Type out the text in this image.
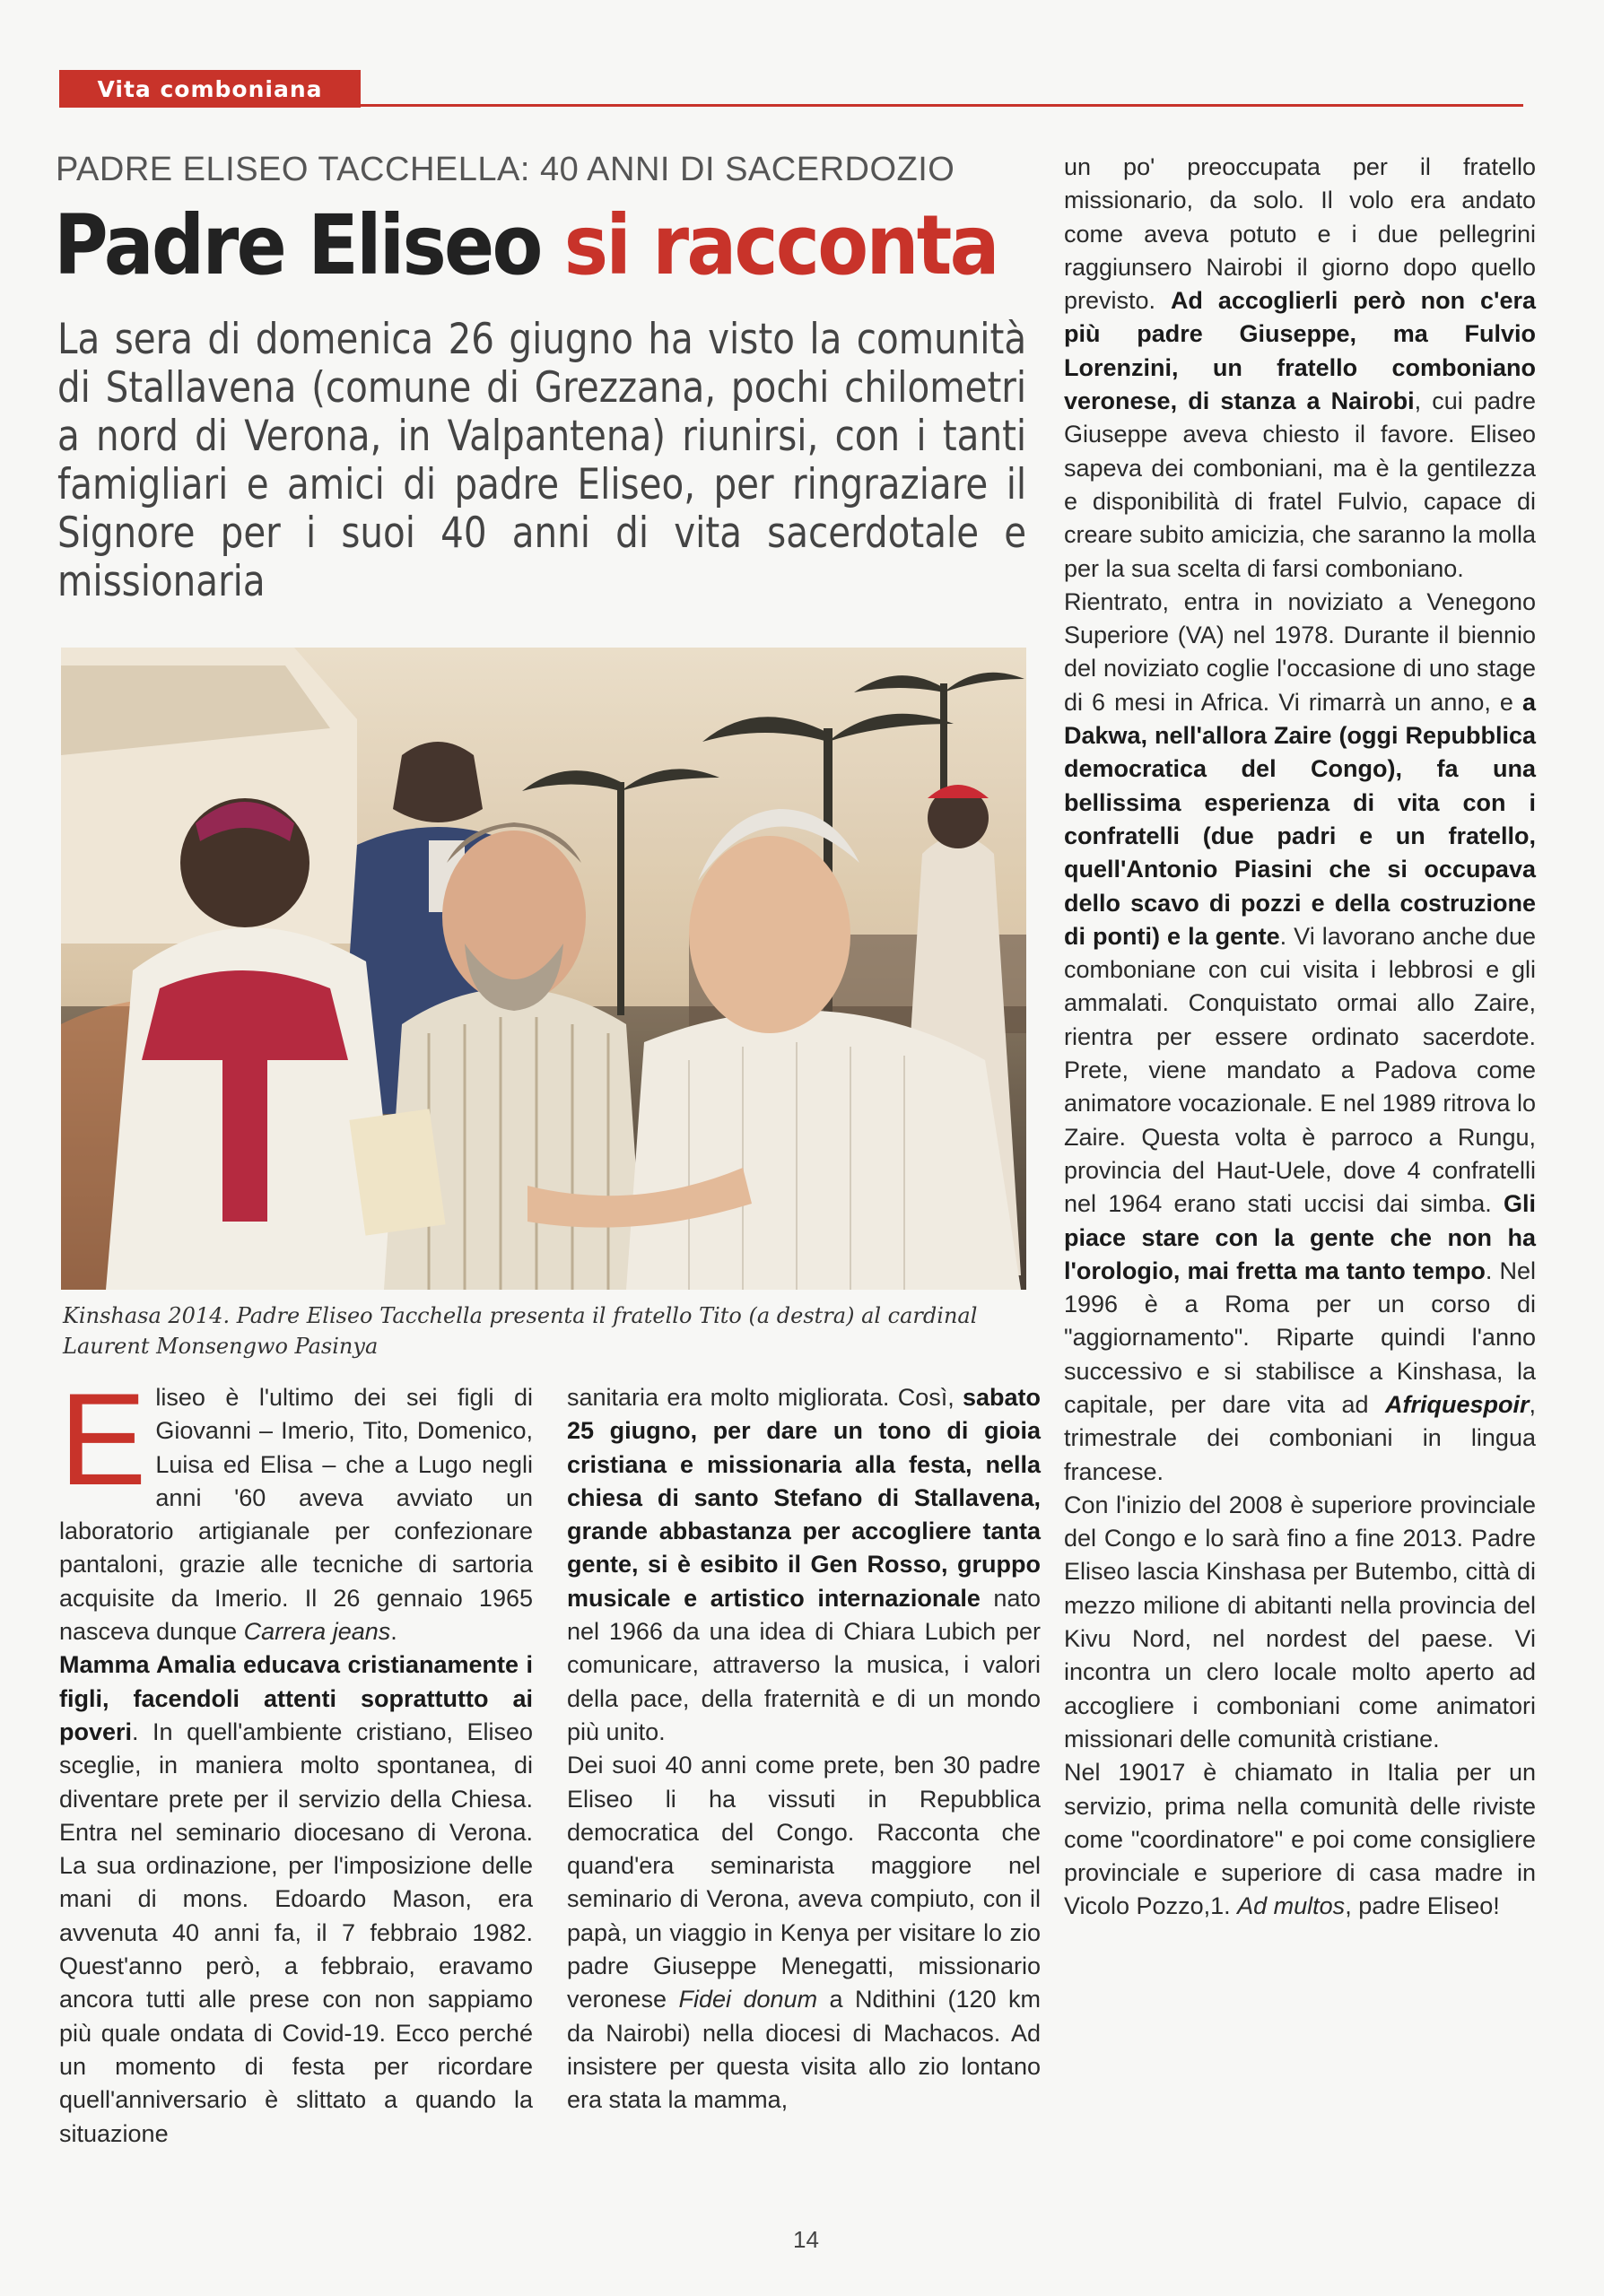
Vita comboniana
PADRE ELISEO TACCHELLA: 40 ANNI DI SACERDOZIO
Padre Eliseo si racconta
La sera di domenica 26 giugno ha visto la comunità di Stallavena (comune di Grezzana, pochi chilometri a nord di Verona, in Valpantena) riunirsi, con i tanti famigliari e amici di padre Eliseo, per ringraziare il Signore per i suoi 40 anni di vita sacerdotale e missionaria
Kinshasa 2014. Padre Eliseo Tacchella presenta il fratello Tito (a destra) al cardinal Laurent Monsengwo Pasinya

Eliseo è l'ultimo dei sei figli di Giovanni – Imerio, Tito, Domenico, Luisa ed Elisa – che a Lugo negli anni '60 aveva avviato un laboratorio artigianale per confezionare pantaloni, grazie alle tecniche di sartoria acquisite da Imerio. Il 26 gennaio 1965 nasceva dunque Carrera jeans.

Mamma Amalia educava cristianamente i figli, facendoli attenti soprattutto ai poveri. In quell'ambiente cristiano, Eliseo sceglie, in maniera molto spontanea, di diventare prete per il servizio della Chiesa. Entra nel seminario diocesano di Verona. La sua ordinazione, per l'imposizione delle mani di mons. Edoardo Mason, era avvenuta 40 anni fa, il 7 febbraio 1982. Quest'anno però, a febbraio, eravamo ancora tutti alle prese con non sappiamo più quale ondata di Covid-19. Ecco perché un momento di festa per ricordare quell'anniversario è slittato a quando la situazione

sanitaria era molto migliorata. Così, sabato 25 giugno, per dare un tono di gioia cristiana e missionaria alla festa, nella chiesa di santo Stefano di Stallavena, grande abbastanza per accogliere tanta gente, si è esibito il Gen Rosso, gruppo musicale e artistico internazionale nato nel 1966 da una idea di Chiara Lubich per comunicare, attraverso la musica, i valori della pace, della fraternità e di un mondo più unito.

Dei suoi 40 anni come prete, ben 30 padre Eliseo li ha vissuti in Repubblica democratica del Congo. Racconta che quand'era seminarista maggiore nel seminario di Verona, aveva compiuto, con il papà, un viaggio in Kenya per visitare lo zio padre Giuseppe Menegatti, missionario veronese Fidei donum a Ndithini (120 km da Nairobi) nella diocesi di Machacos. Ad insistere per questa visita allo zio lontano era stata la mamma,

un po' preoccupata per il fratello missionario, da solo. Il volo era andato come aveva potuto e i due pellegrini raggiunsero Nairobi il giorno dopo quello previsto. Ad accoglierli però non c'era più padre Giuseppe, ma Fulvio Lorenzini, un fratello comboniano veronese, di stanza a Nairobi, cui padre Giuseppe aveva chiesto il favore. Eliseo sapeva dei comboniani, ma è la gentilezza e disponibilità di fratel Fulvio, capace di creare subito amicizia, che saranno la molla per la sua scelta di farsi comboniano.

Rientrato, entra in noviziato a Venegono Superiore (VA) nel 1978. Durante il biennio del noviziato coglie l'occasione di uno stage di 6 mesi in Africa. Vi rimarrà un anno, e a Dakwa, nell'allora Zaire (oggi Repubblica democratica del Congo), fa una bellissima esperienza di vita con i confratelli (due padri e un fratello, quell'Antonio Piasini che si occupava dello scavo di pozzi e della costruzione di ponti) e la gente. Vi lavorano anche due comboniane con cui visita i lebbrosi e gli ammalati. Conquistato ormai allo Zaire, rientra per essere ordinato sacerdote. Prete, viene mandato a Padova come animatore vocazionale. E nel 1989 ritrova lo Zaire. Questa volta è parroco a Rungu, provincia del Haut-Uele, dove 4 confratelli nel 1964 erano stati uccisi dai simba. Gli piace stare con la gente che non ha l'orologio, mai fretta ma tanto tempo. Nel 1996 è a Roma per un corso di "aggiornamento". Riparte quindi l'anno successivo e si stabilisce a Kinshasa, la capitale, per dare vita ad Afriquespoir, trimestrale dei comboniani in lingua francese.

Con l'inizio del 2008 è superiore provinciale del Congo e lo sarà fino a fine 2013. Padre Eliseo lascia Kinshasa per Butembo, città di mezzo milione di abitanti nella provincia del Kivu Nord, nel nordest del paese. Vi incontra un clero locale molto aperto ad accogliere i comboniani come animatori missionari delle comunità cristiane.

Nel 19017 è chiamato in Italia per un servizio, prima nella comunità delle riviste come "coordinatore" e poi come consigliere provinciale e superiore di casa madre in Vicolo Pozzo,1. Ad multos, padre Eliseo!

14
